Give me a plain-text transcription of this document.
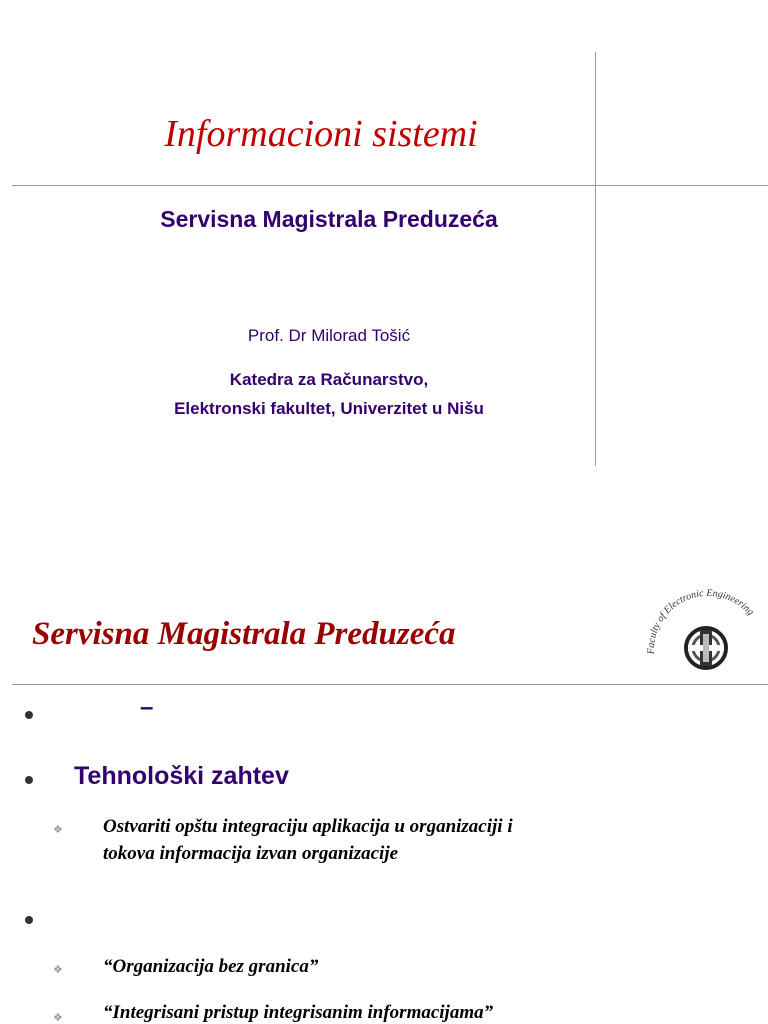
Informacioni sistemi
Servisna Magistrala Preduzeća
Prof. Dr Milorad Tošić
Katedra za Računarstvo,
Elektronski fakultet, Univerzitet u Nišu
Servisna Magistrala Preduzeća	Faculty of Electronic Engineering
–
Tehnološki zahtev
❖ Ostvariti opštu integraciju aplikacija u organizaciji i
tokova informacija izvan organizacije
❖ “Organizacija bez granica”
❖ “Integrisani pristup integrisanim informacijama”
